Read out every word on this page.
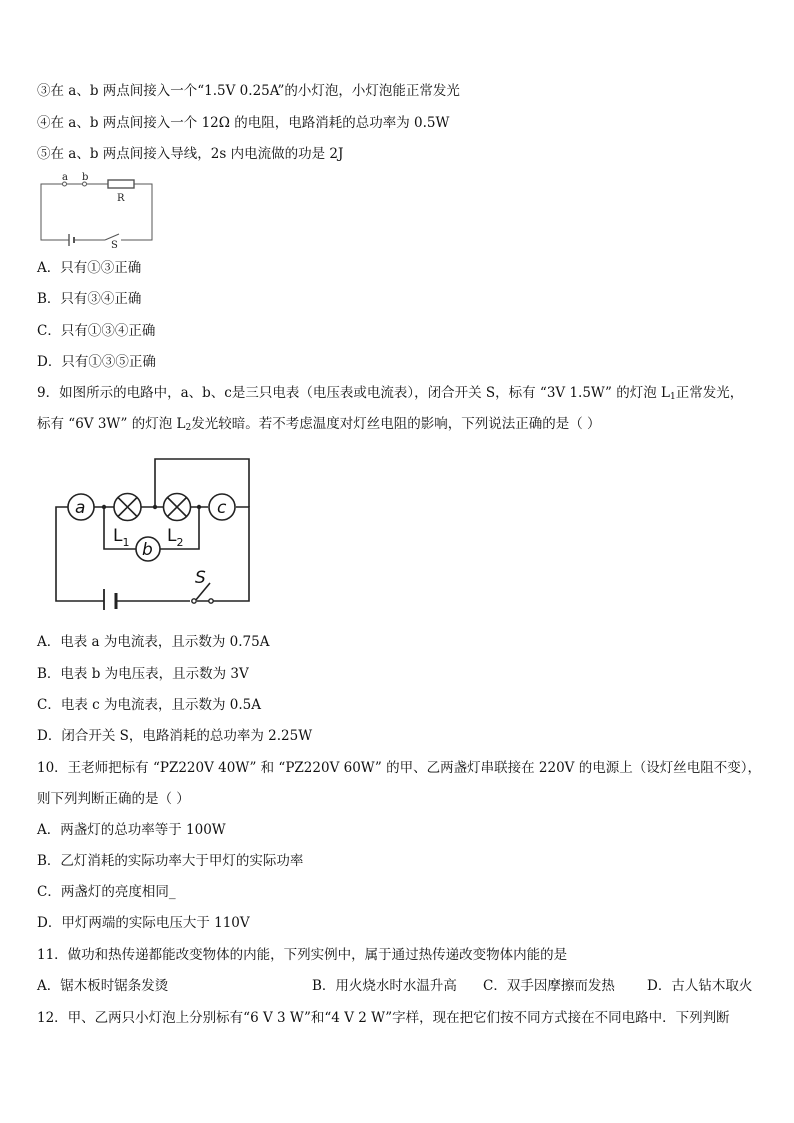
③在 a、b 两点间接入一个“1.5V 0.25A”的小灯泡，小灯泡能正常发光
④在 a、b 两点间接入一个 12Ω 的电阻，电路消耗的总功率为 0.5W
⑤在 a、b 两点间接入导线，2s 内电流做的功是 2J
a b
R
S
A．只有①③正确
B．只有③④正确
C．只有①③④正确
D．只有①③⑤正确
9．如图所示的电路中，a、b、c是三只电表（电压表或电流表），闭合开关 S，标有 “3V 1.5W” 的灯泡 $L_1$正常发光，
标有 “6V 3W” 的灯泡 $L_2$发光较暗。若不考虑温度对灯丝电阻的影响，下列说法正确的是（ ）
a	c
b
$L_1$ $L_2$
S
A．电表 a 为电流表，且示数为 0.75A
B．电表 b 为电压表，且示数为 3V
C．电表 c 为电流表，且示数为 0.5A
D．闭合开关 S，电路消耗的总功率为 2.25W
10．王老师把标有 “PZ220V 40W” 和 “PZ220V 60W” 的甲、乙两盏灯串联接在 220V 的电源上（设灯丝电阻不变），
则下列判断正确的是（ ）
A．两盏灯的总功率等于 100W
B．乙灯消耗的实际功率大于甲灯的实际功率
C．两盏灯的亮度相同_
D．甲灯两端的实际电压大于 110V
11．做功和热传递都能改变物体的内能，下列实例中，属于通过热传递改变物体内能的是
A．锯木板时锯条发烫	B．用火烧水时水温升高 C．双手因摩擦而发热 D．古人钻木取火
12．甲、乙两只小灯泡上分别标有“6 V 3 W”和“4 V 2 W”字样，现在把它们按不同方式接在不同电路中．下列判断
